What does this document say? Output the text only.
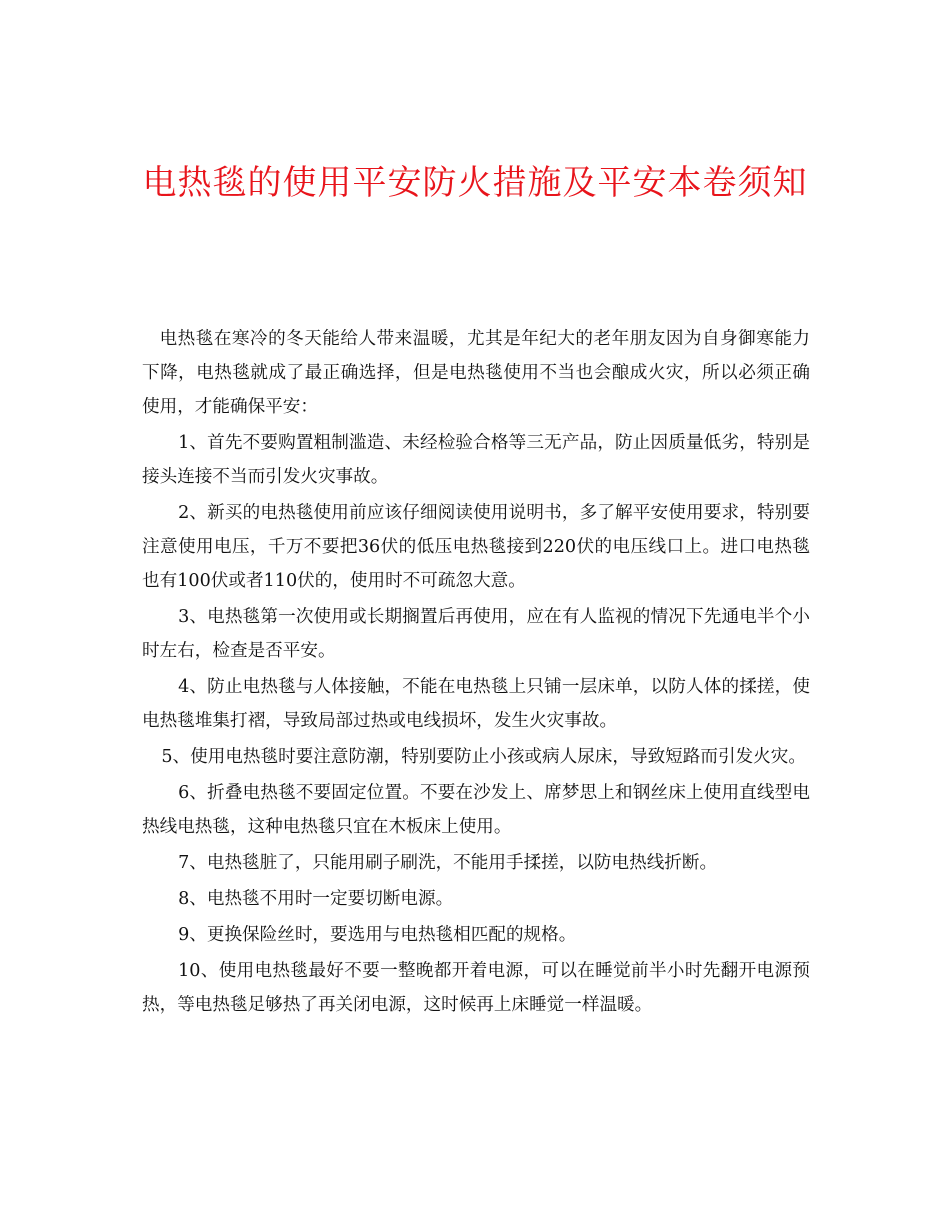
电热毯的使用平安防火措施及平安本卷须知

电热毯在寒冷的冬天能给人带来温暖，尤其是年纪大的老年朋友因为自身御寒能力下降，电热毯就成了最正确选择，但是电热毯使用不当也会酿成火灾，所以必须正确使用，才能确保平安：

1、首先不要购置粗制滥造、未经检验合格等三无产品，防止因质量低劣，特别是接头连接不当而引发火灾事故。

2、新买的电热毯使用前应该仔细阅读使用说明书，多了解平安使用要求，特别要注意使用电压，千万不要把36伏的低压电热毯接到220伏的电压线口上。进口电热毯也有100伏或者110伏的，使用时不可疏忽大意。

3、电热毯第一次使用或长期搁置后再使用，应在有人监视的情况下先通电半个小时左右，检查是否平安。

4、防止电热毯与人体接触，不能在电热毯上只铺一层床单，以防人体的揉搓，使电热毯堆集打褶，导致局部过热或电线损坏，发生火灾事故。

5、使用电热毯时要注意防潮，特别要防止小孩或病人尿床，导致短路而引发火灾。

6、折叠电热毯不要固定位置。不要在沙发上、席梦思上和钢丝床上使用直线型电热线电热毯，这种电热毯只宜在木板床上使用。

7、电热毯脏了，只能用刷子刷洗，不能用手揉搓，以防电热线折断。

8、电热毯不用时一定要切断电源。

9、更换保险丝时，要选用与电热毯相匹配的规格。

10、使用电热毯最好不要一整晚都开着电源，可以在睡觉前半小时先翻开电源预热，等电热毯足够热了再关闭电源，这时候再上床睡觉一样温暖。
